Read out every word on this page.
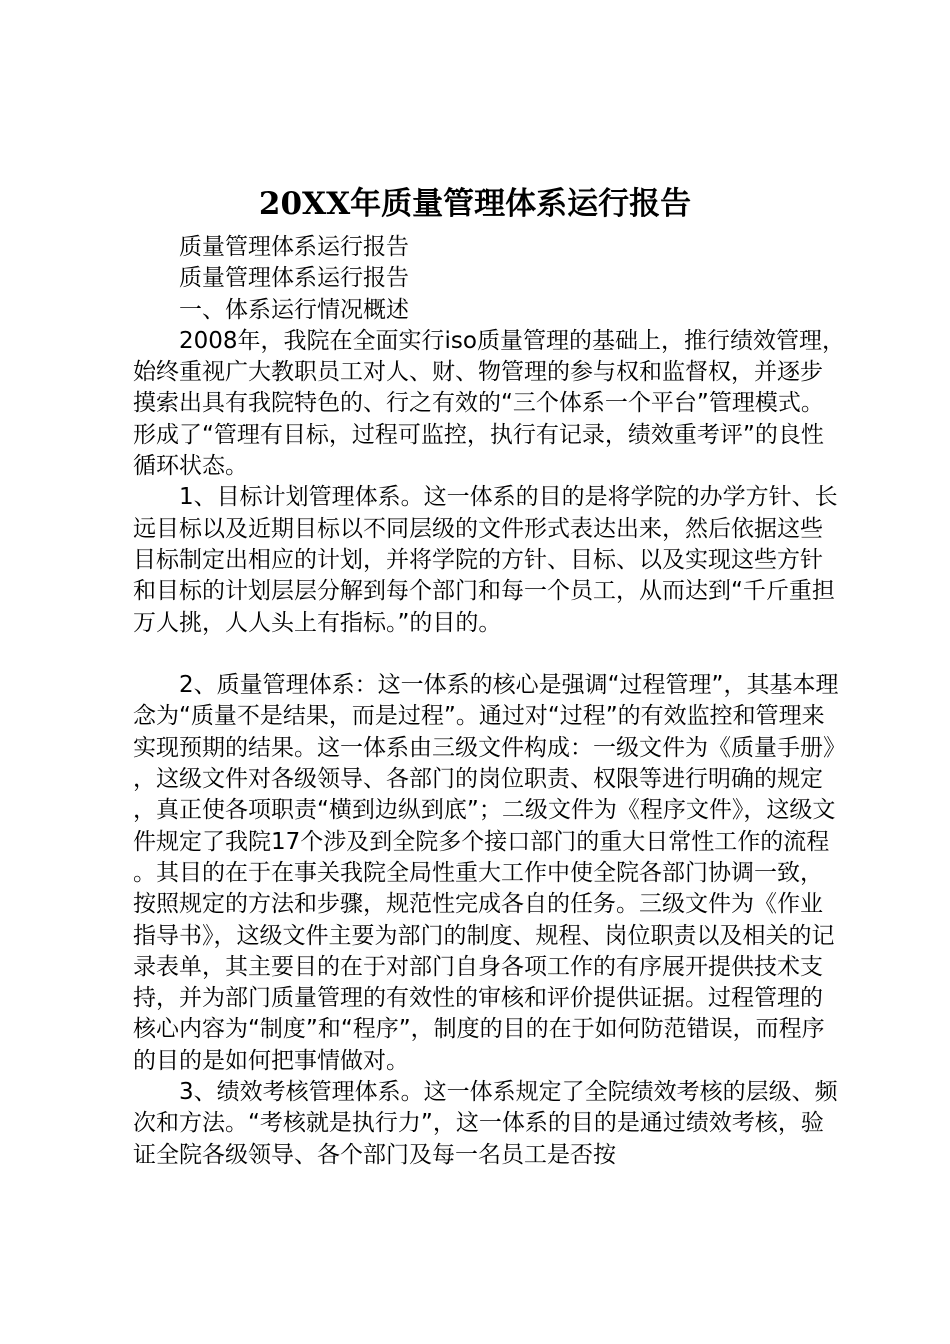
20XX年质量管理体系运行报告

质量管理体系运行报告

质量管理体系运行报告

一、体系运行情况概述

2008年，我院在全面实行iso质量管理的基础上，推行绩效管理，始终重视广大教职员工对人、财、物管理的参与权和监督权，并逐步摸索出具有我院特色的、行之有效的“三个体系一个平台”管理模式。形成了“管理有目标，过程可监控，执行有记录，绩效重考评”的良性循环状态。

1、目标计划管理体系。这一体系的目的是将学院的办学方针、长远目标以及近期目标以不同层级的文件形式表达出来，然后依据这些目标制定出相应的计划，并将学院的方针、目标、以及实现这些方针和目标的计划层层分解到每个部门和每一个员工，从而达到“千斤重担万人挑，人人头上有指标。”的目的。

2、质量管理体系：这一体系的核心是强调“过程管理”，其基本理念为“质量不是结果，而是过程”。通过对“过程”的有效监控和管理来实现预期的结果。这一体系由三级文件构成：一级文件为《质量手册》，这级文件对各级领导、各部门的岗位职责、权限等进行明确的规定，真正使各项职责“横到边纵到底”；二级文件为《程序文件》，这级文件规定了我院17个涉及到全院多个接口部门的重大日常性工作的流程。其目的在于在事关我院全局性重大工作中使全院各部门协调一致，按照规定的方法和步骤，规范性完成各自的任务。三级文件为《作业指导书》，这级文件主要为部门的制度、规程、岗位职责以及相关的记录表单，其主要目的在于对部门自身各项工作的有序展开提供技术支持，并为部门质量管理的有效性的审核和评价提供证据。过程管理的核心内容为“制度”和“程序”，制度的目的在于如何防范错误，而程序的目的是如何把事情做对。

3、绩效考核管理体系。这一体系规定了全院绩效考核的层级、频次和方法。“考核就是执行力”，这一体系的目的是通过绩效考核，验证全院各级领导、各个部门及每一名员工是否按
